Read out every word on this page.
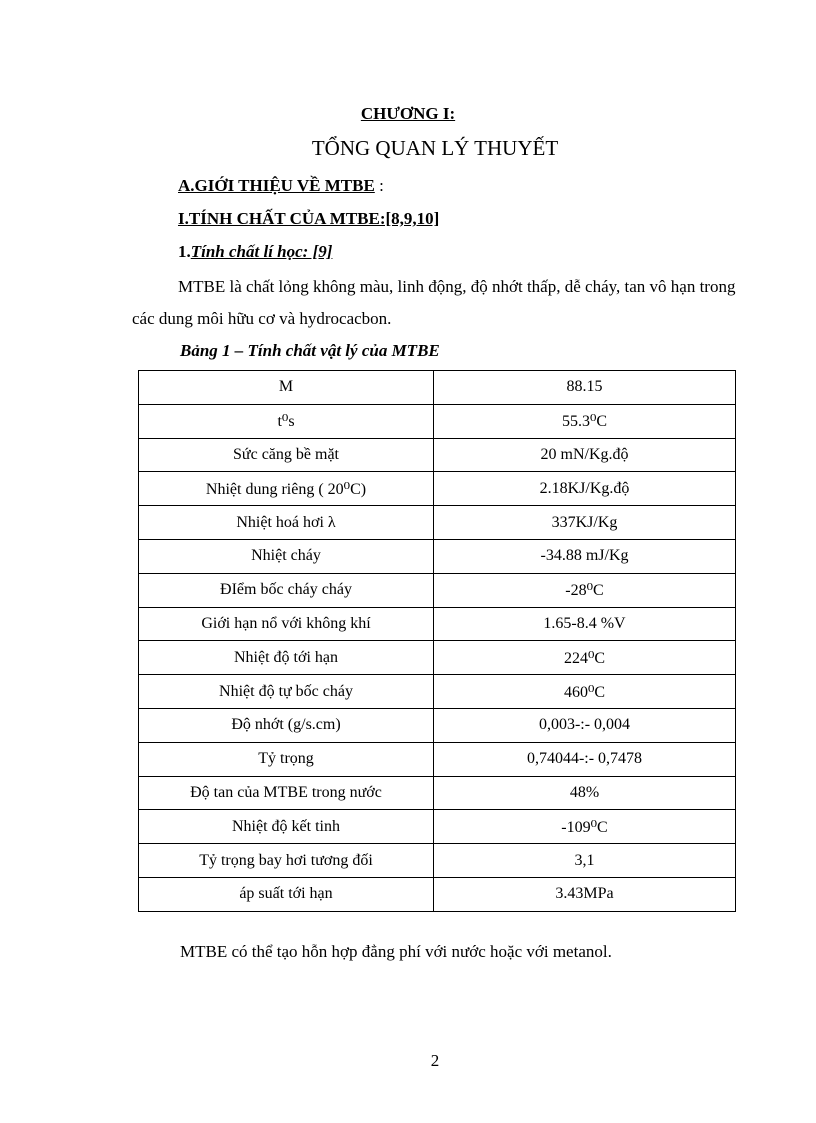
CHƯƠNG I:
TỔNG QUAN LÝ THUYẾT
A.GIỚI THIỆU VỀ MTBE :
I.TÍNH CHẤT CỦA MTBE:[8,9,10]
1.Tính chất lí học: [9]
MTBE là chất lỏng không màu, linh động, độ nhớt thấp, dễ cháy, tan vô hạn trong các dung môi hữu cơ và hydrocacbon.
Bảng 1 – Tính chất vật lý của MTBE
M	88.15
t⁰s	55.3⁰C
Sức căng bề mặt	20 mN/Kg.độ
Nhiệt dung riêng ( 20⁰C)	2.18KJ/Kg.độ
Nhiệt hoá hơi λ	337KJ/Kg
Nhiệt cháy	-34.88 mJ/Kg
ĐIểm bốc cháy cháy	-28⁰C
Giới hạn nổ với không khí	1.65-8.4 %V
Nhiệt độ tới hạn	224⁰C
Nhiệt độ tự bốc cháy	460⁰C
Độ nhớt (g/s.cm)	0,003-:- 0,004
Tỷ trọng	0,74044-:- 0,7478
Độ tan của MTBE trong nước	48%
Nhiệt độ kết tinh	-109⁰C
Tỷ trọng bay hơi tương đối	3,1
áp suất tới hạn	3.43MPa
MTBE có thể tạo hỗn hợp đẳng phí với nước hoặc với metanol.
2
